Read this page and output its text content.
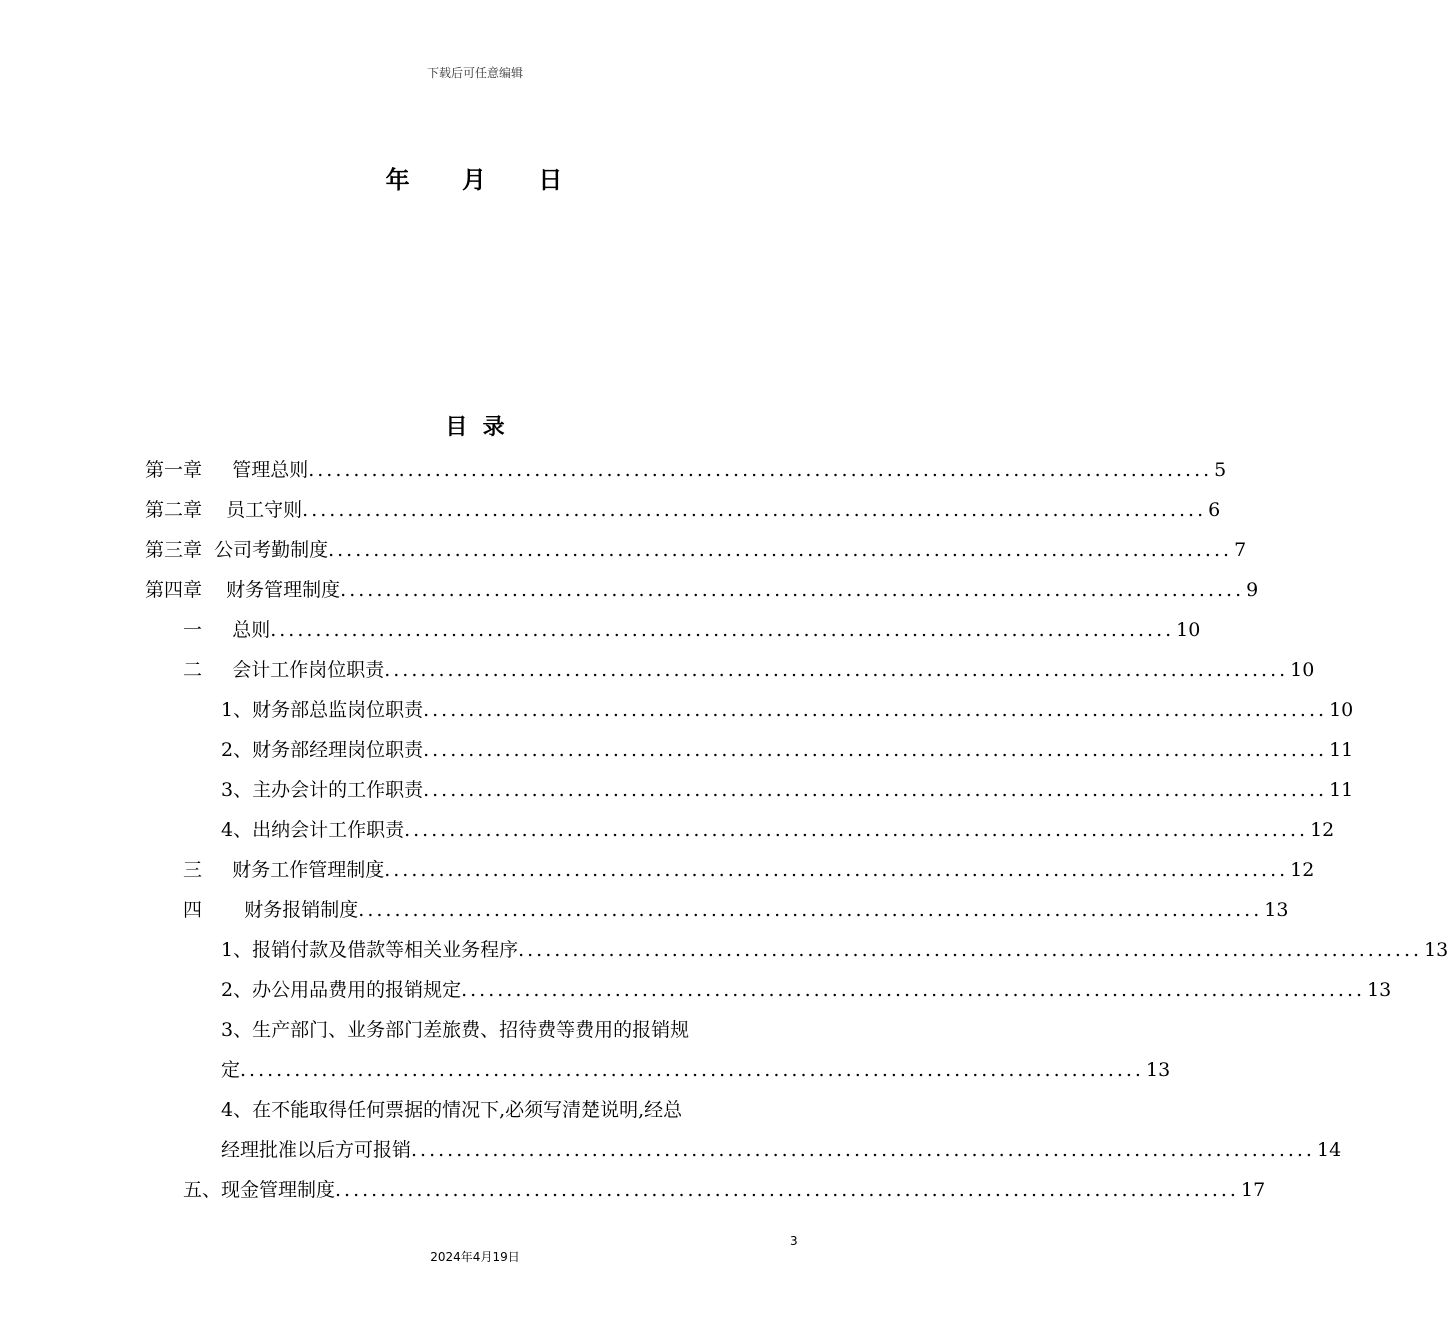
下载后可任意编辑
年 月 日
目  录
第一章     管理总则 .................................................................................................... 5
第二章    员工守则 .................................................................................................... 6
第三章  公司考勤制度 .................................................................................................... 7
第四章    财务管理制度 .................................................................................................... 9
一     总则 .................................................................................................... 10
二     会计工作岗位职责 .................................................................................................... 10
1、财务部总监岗位职责 .................................................................................................... 10
2、财务部经理岗位职责 .................................................................................................... 11
3、主办会计的工作职责 .................................................................................................... 11
4、出纳会计工作职责 .................................................................................................... 12
三     财务工作管理制度 .................................................................................................... 12
四       财务报销制度 .................................................................................................... 13
1、报销付款及借款等相关业务程序 .................................................................................................... 13
2、办公用品费用的报销规定 .................................................................................................... 13
3、生产部门、业务部门差旅费、招待费等费用的报销规
定 .................................................................................................... 13
4、在不能取得任何票据的情况下,必须写清楚说明,经总
经理批准以后方可报销 .................................................................................................... 14
五、现金管理制度 .................................................................................................... 17
3
2024年4月19日
